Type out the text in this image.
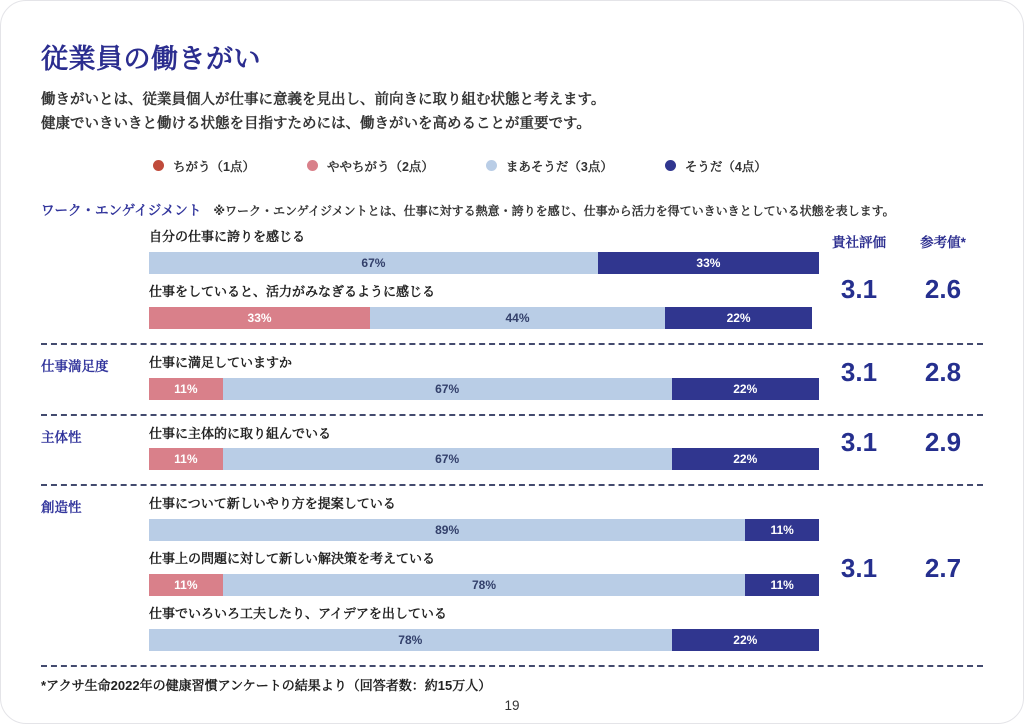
従業員の働きがい
働きがいとは、従業員個人が仕事に意義を見出し、前向きに取り組む状態と考えます。
健康でいきいきと働ける状態を目指すためには、働きがいを高めることが重要です。
ちがう（1点）	ややちがう（2点）	まあそうだ（3点）	そうだ（4点）
ワーク・エンゲイジメント ※ワーク・エンゲイジメントとは、仕事に対する熱意・誇りを感じ、仕事から活力を得ていきいきとしている状態を表します。
自分の仕事に誇りを感じる
67%	33%
仕事をしていると、活力がみなぎるように感じる
33%	44%	22%
貴社評価	参考値*
3.1	2.6
仕事満足度	仕事に満足していますか
11%	67%	22%
3.1	2.8
主体性	仕事に主体的に取り組んでいる
11%	67%	22%
3.1	2.9
創造性	仕事について新しいやり方を提案している
89%	11%
仕事上の問題に対して新しい解決策を考えている
11%	78%	11%
仕事でいろいろ工夫したり、アイデアを出している
78%	22%
3.1	2.7
*アクサ生命2022年の健康習慣アンケートの結果より（回答者数：約15万人）
19
